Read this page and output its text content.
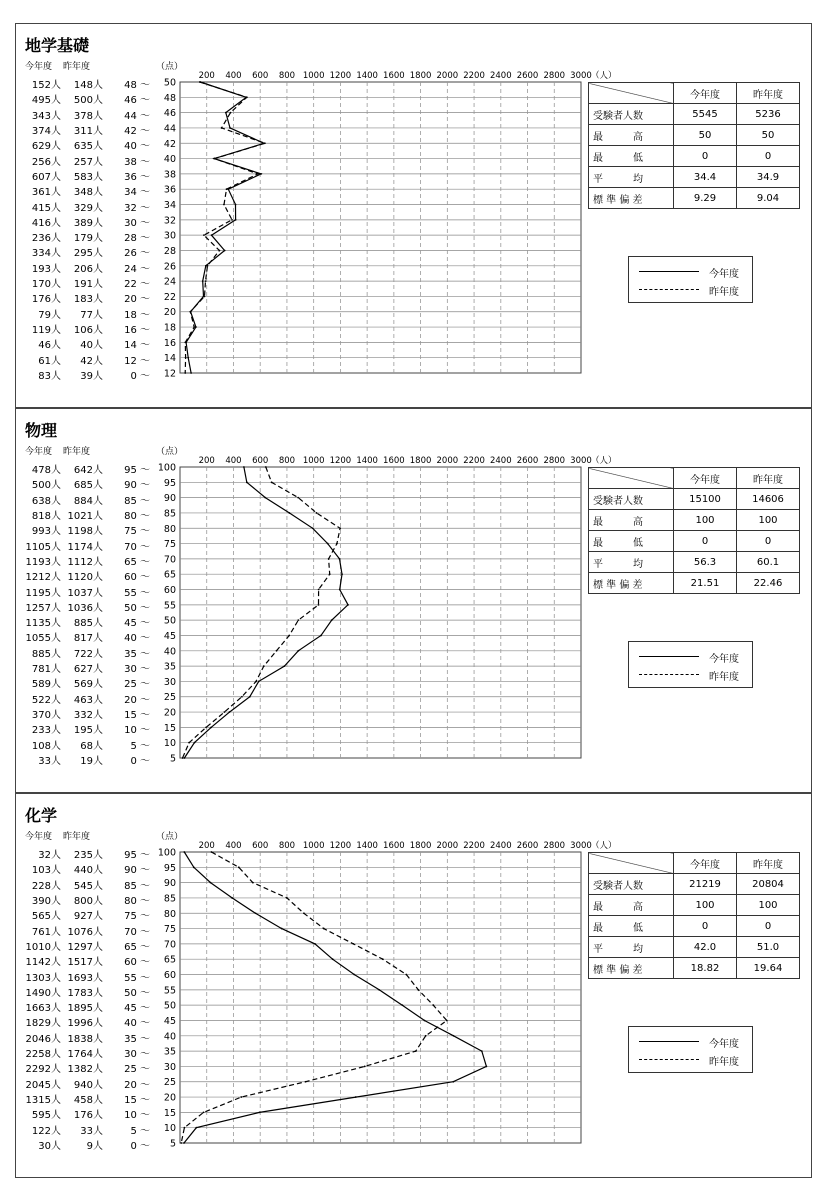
地学基礎
今年度 昨年度	（点）
152人	148人	48 ～
495人	500人	46 ～
343人	378人	44 ～
374人	311人	42 ～
629人	635人	40 ～
256人	257人	38 ～
607人	583人	36 ～
361人	348人	34 ～
415人	329人	32 ～
416人	389人	30 ～
236人	179人	28 ～
334人	295人	26 ～
193人	206人	24 ～
170人	191人	22 ～
176人	183人	20 ～
79人	77人	18 ～
119人	106人	16 ～
46人	40人	14 ～
61人	42人	12 ～
83人	39人	0 ～
200 400 600 800 1000 1200 1400 1600 1800 2000 2200 2400 2600 2800 3000 （人）
50
48
46
44
42
40
38
36
34
32
30
28
26
24
22
20
18
16
14
12
	今年度	昨年度
受験者人数	5545	5236
最　　　高	50	50
最　　　低	0	0
平　　　均	34.4	34.9
標 準 偏 差	9.29	9.04
今年度
昨年度
物理
今年度 昨年度	（点）
478人	642人	95 ～
500人	685人	90 ～
638人	884人	85 ～
818人 1021人	80 ～
993人 1198人	75 ～
1105人 1174人	70 ～
1193人 1112人	65 ～
1212人 1120人	60 ～
1195人 1037人	55 ～
1257人 1036人	50 ～
1135人	885人	45 ～
1055人	817人	40 ～
885人	722人	35 ～
781人	627人	30 ～
589人	569人	25 ～
522人	463人	20 ～
370人	332人	15 ～
233人	195人	10 ～
108人	68人	5 ～
33人	19人	0 ～
200 400 600 800 1000 1200 1400 1600 1800 2000 2200 2400 2600 2800 3000 （人）
100
95
90
85
80
75
70
65
60
55
50
45
40
35
30
25
20
15
10
5
	今年度	昨年度
受験者人数	15100	14606
最　　　高	100	100
最　　　低	0	0
平　　　均	56.3	60.1
標 準 偏 差	21.51	22.46
今年度
昨年度
化学
今年度 昨年度	（点）
32人	235人	95 ～
103人	440人	90 ～
228人	545人	85 ～
390人	800人	80 ～
565人	927人	75 ～
761人 1076人	70 ～
1010人 1297人	65 ～
1142人 1517人	60 ～
1303人 1693人	55 ～
1490人 1783人	50 ～
1663人 1895人	45 ～
1829人 1996人	40 ～
2046人 1838人	35 ～
2258人 1764人	30 ～
2292人 1382人	25 ～
2045人	940人	20 ～
1315人	458人	15 ～
595人	176人	10 ～
122人	33人	5 ～
30人	9人	0 ～
200 400 600 800 1000 1200 1400 1600 1800 2000 2200 2400 2600 2800 3000 （人）
100
95
90
85
80
75
70
65
60
55
50
45
40
35
30
25
20
15
10
5
	今年度	昨年度
受験者人数	21219	20804
最　　　高	100	100
最　　　低	0	0
平　　　均	42.0	51.0
標 準 偏 差	18.82	19.64
今年度
昨年度
